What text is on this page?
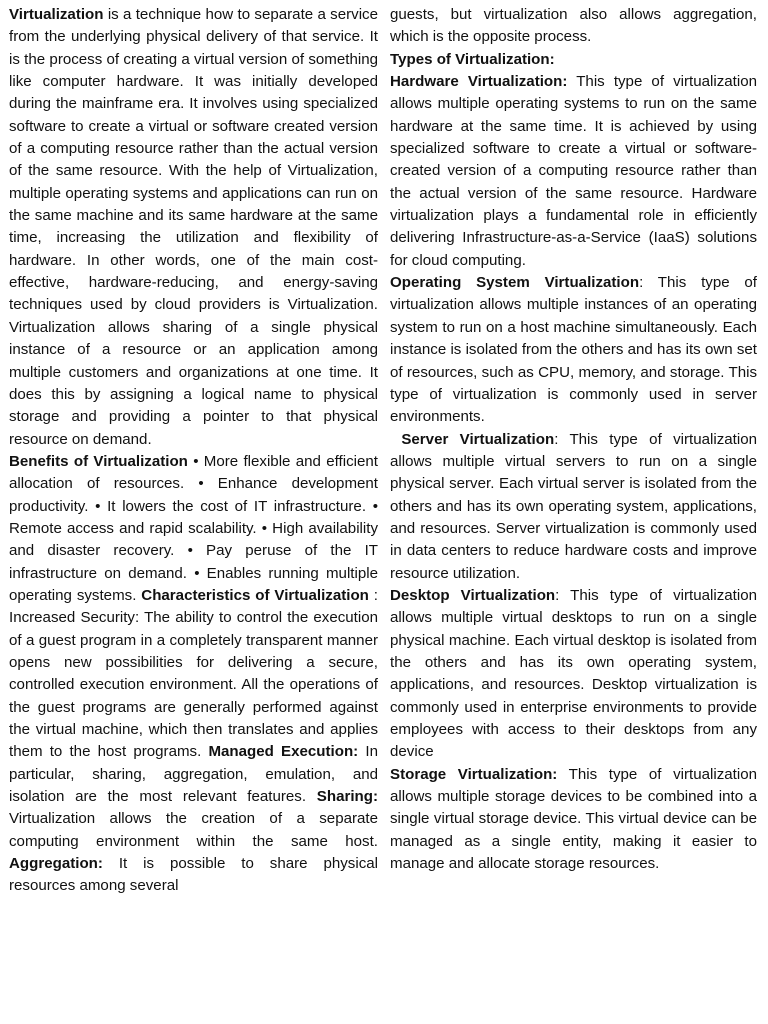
Virtualization is a technique how to separate a service from the underlying physical delivery of that service. It is the process of creating a virtual version of something like computer hardware. It was initially developed during the mainframe era. It involves using specialized software to create a virtual or software created version of a computing resource rather than the actual version of the same resource. With the help of Virtualization, multiple operating systems and applications can run on the same machine and its same hardware at the same time, increasing the utilization and flexibility of hardware. In other words, one of the main cost-effective, hardware-reducing, and energy-saving techniques used by cloud providers is Virtualization. Virtualization allows sharing of a single physical instance of a resource or an application among multiple customers and organizations at one time. It does this by assigning a logical name to physical storage and providing a pointer to that physical resource on demand.

Benefits of Virtualization • More flexible and efficient allocation of resources. • Enhance development productivity. • It lowers the cost of IT infrastructure. • Remote access and rapid scalability. • High availability and disaster recovery. • Pay peruse of the IT infrastructure on demand. • Enables running multiple operating systems. Characteristics of Virtualization : Increased Security: The ability to control the execution of a guest program in a completely transparent manner opens new possibilities for delivering a secure, controlled execution environment. All the operations of the guest programs are generally performed against the virtual machine, which then translates and applies them to the host programs. Managed Execution: In particular, sharing, aggregation, emulation, and isolation are the most relevant features. Sharing: Virtualization allows the creation of a separate computing environment within the same host. Aggregation: It is possible to share physical resources among several

guests, but virtualization also allows aggregation, which is the opposite process.

Types of Virtualization:

Hardware Virtualization: This type of virtualization allows multiple operating systems to run on the same hardware at the same time. It is achieved by using specialized software to create a virtual or software-created version of a computing resource rather than the actual version of the same resource. Hardware virtualization plays a fundamental role in efficiently delivering Infrastructure-as-a-Service (IaaS) solutions for cloud computing.

Operating System Virtualization: This type of virtualization allows multiple instances of an operating system to run on a host machine simultaneously. Each instance is isolated from the others and has its own set of resources, such as CPU, memory, and storage. This type of virtualization is commonly used in server environments.

Server Virtualization: This type of virtualization allows multiple virtual servers to run on a single physical server. Each virtual server is isolated from the others and has its own operating system, applications, and resources. Server virtualization is commonly used in data centers to reduce hardware costs and improve resource utilization.

Desktop Virtualization: This type of virtualization allows multiple virtual desktops to run on a single physical machine. Each virtual desktop is isolated from the others and has its own operating system, applications, and resources. Desktop virtualization is commonly used in enterprise environments to provide employees with access to their desktops from any device

Storage Virtualization: This type of virtualization allows multiple storage devices to be combined into a single virtual storage device. This virtual device can be managed as a single entity, making it easier to manage and allocate storage resources.
